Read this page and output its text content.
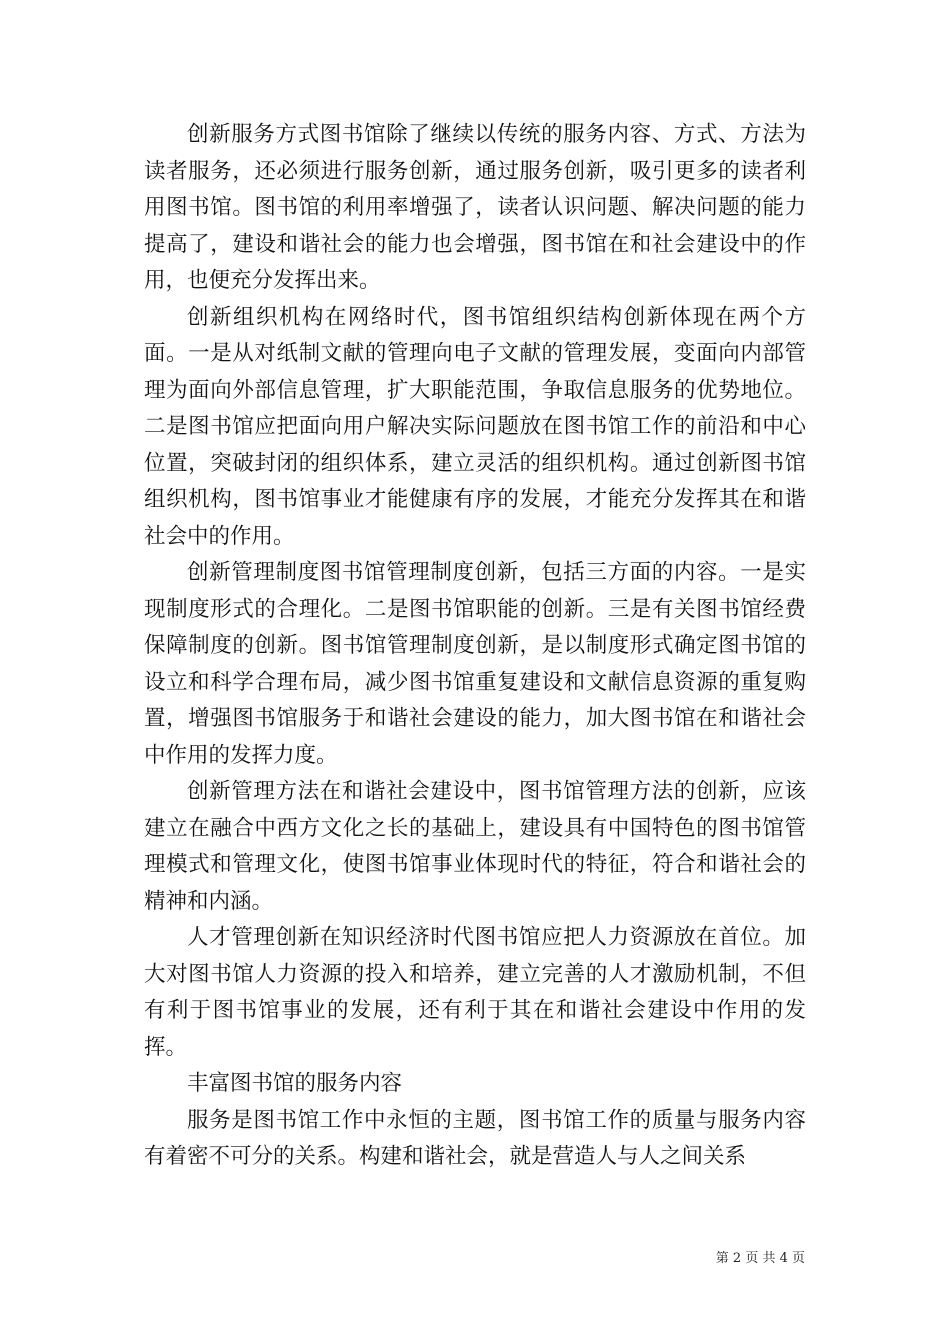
创新服务方式图书馆除了继续以传统的服务内容、方式、方法为读者服务，还必须进行服务创新，通过服务创新，吸引更多的读者利用图书馆。图书馆的利用率增强了，读者认识问题、解决问题的能力提高了，建设和谐社会的能力也会增强，图书馆在和社会建设中的作用，也便充分发挥出来。

创新组织机构在网络时代，图书馆组织结构创新体现在两个方面。一是从对纸制文献的管理向电子文献的管理发展，变面向内部管理为面向外部信息管理，扩大职能范围，争取信息服务的优势地位。二是图书馆应把面向用户解决实际问题放在图书馆工作的前沿和中心位置，突破封闭的组织体系，建立灵活的组织机构。通过创新图书馆组织机构，图书馆事业才能健康有序的发展，才能充分发挥其在和谐社会中的作用。

创新管理制度图书馆管理制度创新，包括三方面的内容。一是实现制度形式的合理化。二是图书馆职能的创新。三是有关图书馆经费保障制度的创新。图书馆管理制度创新，是以制度形式确定图书馆的设立和科学合理布局，减少图书馆重复建设和文献信息资源的重复购置，增强图书馆服务于和谐社会建设的能力，加大图书馆在和谐社会中作用的发挥力度。

创新管理方法在和谐社会建设中，图书馆管理方法的创新，应该建立在融合中西方文化之长的基础上，建设具有中国特色的图书馆管理模式和管理文化，使图书馆事业体现时代的特征，符合和谐社会的精神和内涵。

人才管理创新在知识经济时代图书馆应把人力资源放在首位。加大对图书馆人力资源的投入和培养，建立完善的人才激励机制，不但有利于图书馆事业的发展，还有利于其在和谐社会建设中作用的发挥。

丰富图书馆的服务内容

服务是图书馆工作中永恒的主题，图书馆工作的质量与服务内容有着密不可分的关系。构建和谐社会，就是营造人与人之间关系

第 2 页 共 4 页
